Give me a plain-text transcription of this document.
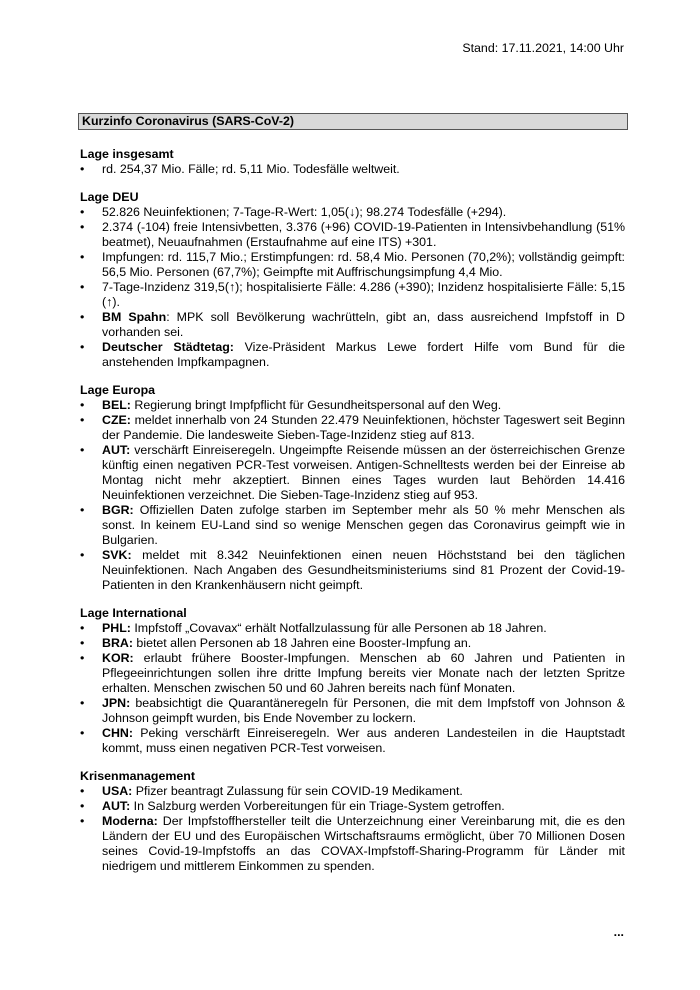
Stand: 17.11.2021, 14:00 Uhr
Kurzinfo Coronavirus (SARS-CoV-2)
Lage insgesamt
• rd. 254,37 Mio. Fälle; rd. 5,11 Mio. Todesfälle weltweit.
Lage DEU
• 52.826 Neuinfektionen; 7-Tage-R-Wert: 1,05(↓); 98.274 Todesfälle (+294).
• 2.374 (-104) freie Intensivbetten, 3.376 (+96) COVID-19-Patienten in Intensivbehandlung (51% beatmet), Neuaufnahmen (Erstaufnahme auf eine ITS) +301.
• Impfungen: rd. 115,7 Mio.; Erstimpfungen: rd. 58,4 Mio. Personen (70,2%); vollständig geimpft: 56,5 Mio. Personen (67,7%); Geimpfte mit Auffrischungsimpfung 4,4 Mio.
• 7-Tage-Inzidenz 319,5(↑); hospitalisierte Fälle: 4.286 (+390); Inzidenz hospitalisierte Fälle: 5,15 (↑).
• BM Spahn: MPK soll Bevölkerung wachrütteln, gibt an, dass ausreichend Impfstoff in D vorhanden sei.
• Deutscher Städtetag: Vize-Präsident Markus Lewe fordert Hilfe vom Bund für die anstehenden Impfkampagnen.
Lage Europa
• BEL: Regierung bringt Impfpflicht für Gesundheitspersonal auf den Weg.
• CZE: meldet innerhalb von 24 Stunden 22.479 Neuinfektionen, höchster Tageswert seit Beginn der Pandemie. Die landesweite Sieben-Tage-Inzidenz stieg auf 813.
• AUT: verschärft Einreiseregeln. Ungeimpfte Reisende müssen an der österreichischen Grenze künftig einen negativen PCR-Test vorweisen. Antigen-Schnelltests werden bei der Einreise ab Montag nicht mehr akzeptiert. Binnen eines Tages wurden laut Behörden 14.416 Neuinfektionen verzeichnet. Die Sieben-Tage-Inzidenz stieg auf 953.
• BGR: Offiziellen Daten zufolge starben im September mehr als 50 % mehr Menschen als sonst. In keinem EU-Land sind so wenige Menschen gegen das Coronavirus geimpft wie in Bulgarien.
• SVK: meldet mit 8.342 Neuinfektionen einen neuen Höchststand bei den täglichen Neuinfektionen. Nach Angaben des Gesundheitsministeriums sind 81 Prozent der Covid-19-Patienten in den Krankenhäusern nicht geimpft.
Lage International
• PHL: Impfstoff „Covavax“ erhält Notfallzulassung für alle Personen ab 18 Jahren.
• BRA: bietet allen Personen ab 18 Jahren eine Booster-Impfung an.
• KOR: erlaubt frühere Booster-Impfungen. Menschen ab 60 Jahren und Patienten in Pflegeeinrichtungen sollen ihre dritte Impfung bereits vier Monate nach der letzten Spritze erhalten. Menschen zwischen 50 und 60 Jahren bereits nach fünf Monaten.
• JPN: beabsichtigt die Quarantäneregeln für Personen, die mit dem Impfstoff von Johnson & Johnson geimpft wurden, bis Ende November zu lockern.
• CHN: Peking verschärft Einreiseregeln. Wer aus anderen Landesteilen in die Hauptstadt kommt, muss einen negativen PCR-Test vorweisen.
Krisenmanagement
• USA: Pfizer beantragt Zulassung für sein COVID-19 Medikament.
• AUT: In Salzburg werden Vorbereitungen für ein Triage-System getroffen.
• Moderna: Der Impfstoffhersteller teilt die Unterzeichnung einer Vereinbarung mit, die es den Ländern der EU und des Europäischen Wirtschaftsraums ermöglicht, über 70 Millionen Dosen seines Covid-19-Impfstoffs an das COVAX-Impfstoff-Sharing-Programm für Länder mit niedrigem und mittlerem Einkommen zu spenden.
...
